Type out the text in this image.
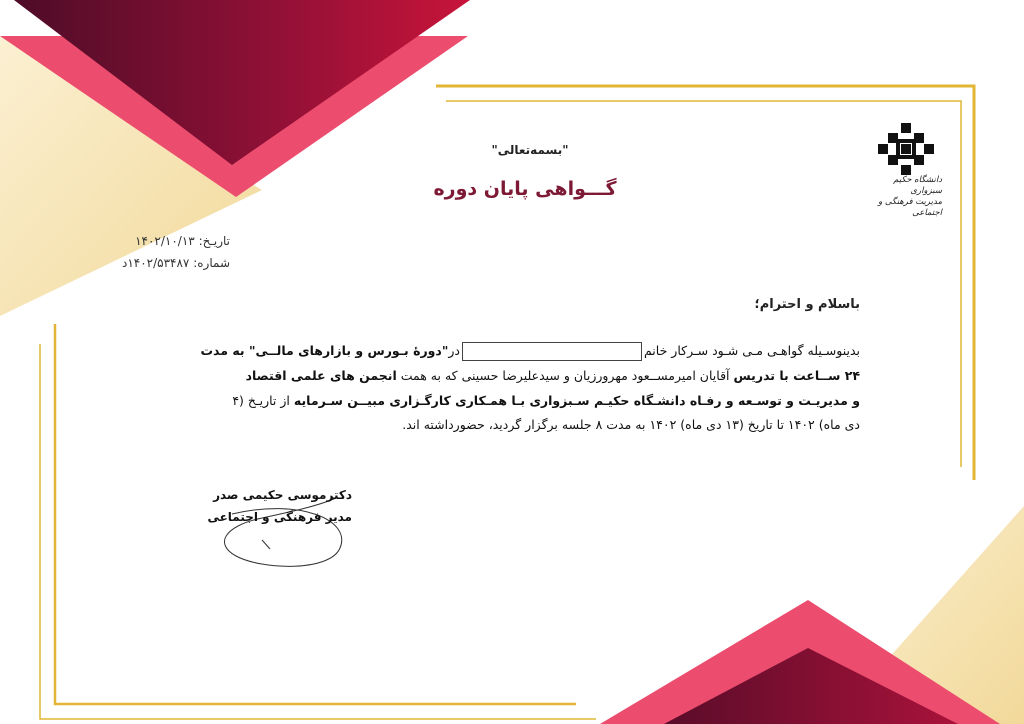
دانشگاه حکیم سبزواری
مدیریت فرهنگی و اجتماعی
"بسمه‌تعالی"
گـــواهی پایان دوره
تاریـخ: ۱۴۰۲/۱۰/۱۳
شماره: ۱۴۰۲/۵۳۴۸۷د
باسلام و احترام؛
بدینوسـیله گواهـی مـی شـود سـرکار خانمدر"دورۀ بـورس و بازارهای مالــی" به مدت
۲۴ ســاعت با تدریس آقایان امیرمســعود مهرورزیان و سیدعلیرضا حسینی که به همت انجمن های علمی اقتصاد
و مدیریـت و توسـعه و رفـاه دانشـگاه حکیـم سـبزواری بـا همـکاری کارگـزاری مبیــن سـرمایه از تاریـخ (۴
دی ماه) ۱۴۰۲ تا تاریخ (۱۳ دی ماه) ۱۴۰۲ به مدت ۸ جلسه برگزار گردید، حضورداشته اند.
دکترموسی حکیمی صدر
مدیر فرهنگی و اجتماعی
